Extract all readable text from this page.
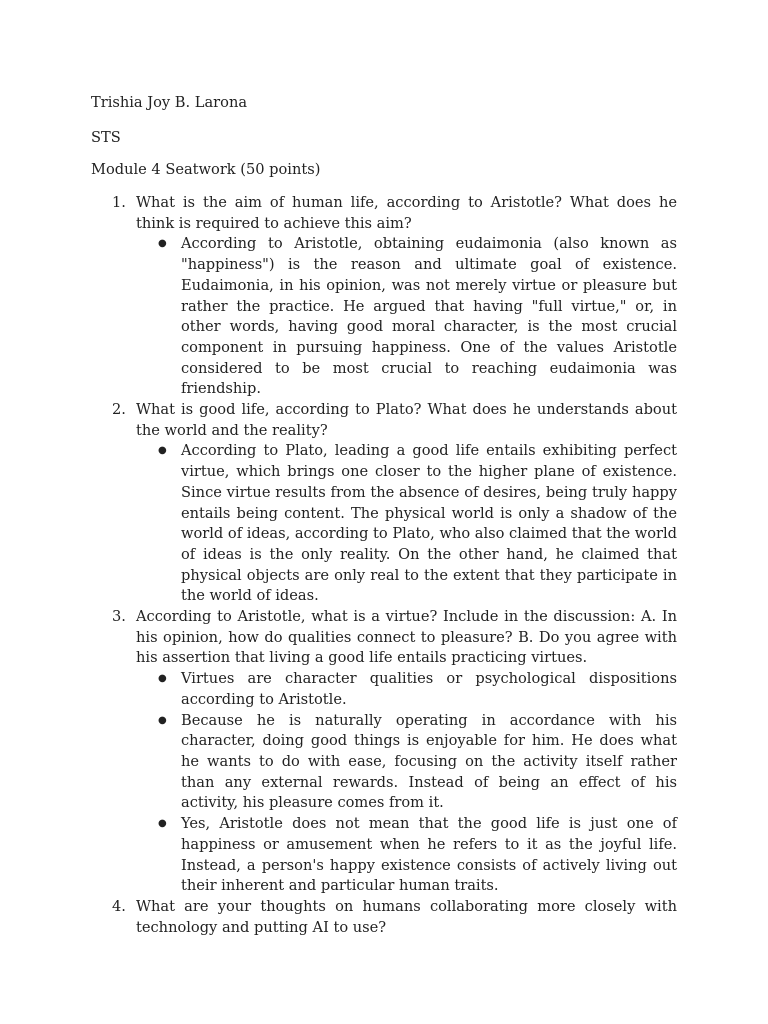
Trishia Joy B. Larona

STS

Module 4 Seatwork (50 points)

1. What is the aim of human life, according to Aristotle? What does he think is required to achieve this aim?
● According to Aristotle, obtaining eudaimonia (also known as "happiness") is the reason and ultimate goal of existence. Eudaimonia, in his opinion, was not merely virtue or pleasure but rather the practice. He argued that having "full virtue," or, in other words, having good moral character, is the most crucial component in pursuing happiness. One of the values Aristotle considered to be most crucial to reaching eudaimonia was friendship.
2. What is good life, according to Plato? What does he understands about the world and the reality?
● According to Plato, leading a good life entails exhibiting perfect virtue, which brings one closer to the higher plane of existence. Since virtue results from the absence of desires, being truly happy entails being content. The physical world is only a shadow of the world of ideas, according to Plato, who also claimed that the world of ideas is the only reality. On the other hand, he claimed that physical objects are only real to the extent that they participate in the world of ideas.
3. According to Aristotle, what is a virtue? Include in the discussion: A. In his opinion, how do qualities connect to pleasure? B. Do you agree with his assertion that living a good life entails practicing virtues.
● Virtues are character qualities or psychological dispositions according to Aristotle.
● Because he is naturally operating in accordance with his character, doing good things is enjoyable for him. He does what he wants to do with ease, focusing on the activity itself rather than any external rewards. Instead of being an effect of his activity, his pleasure comes from it.
● Yes, Aristotle does not mean that the good life is just one of happiness or amusement when he refers to it as the joyful life. Instead, a person's happy existence consists of actively living out their inherent and particular human traits.
4. What are your thoughts on humans collaborating more closely with technology and putting AI to use?
